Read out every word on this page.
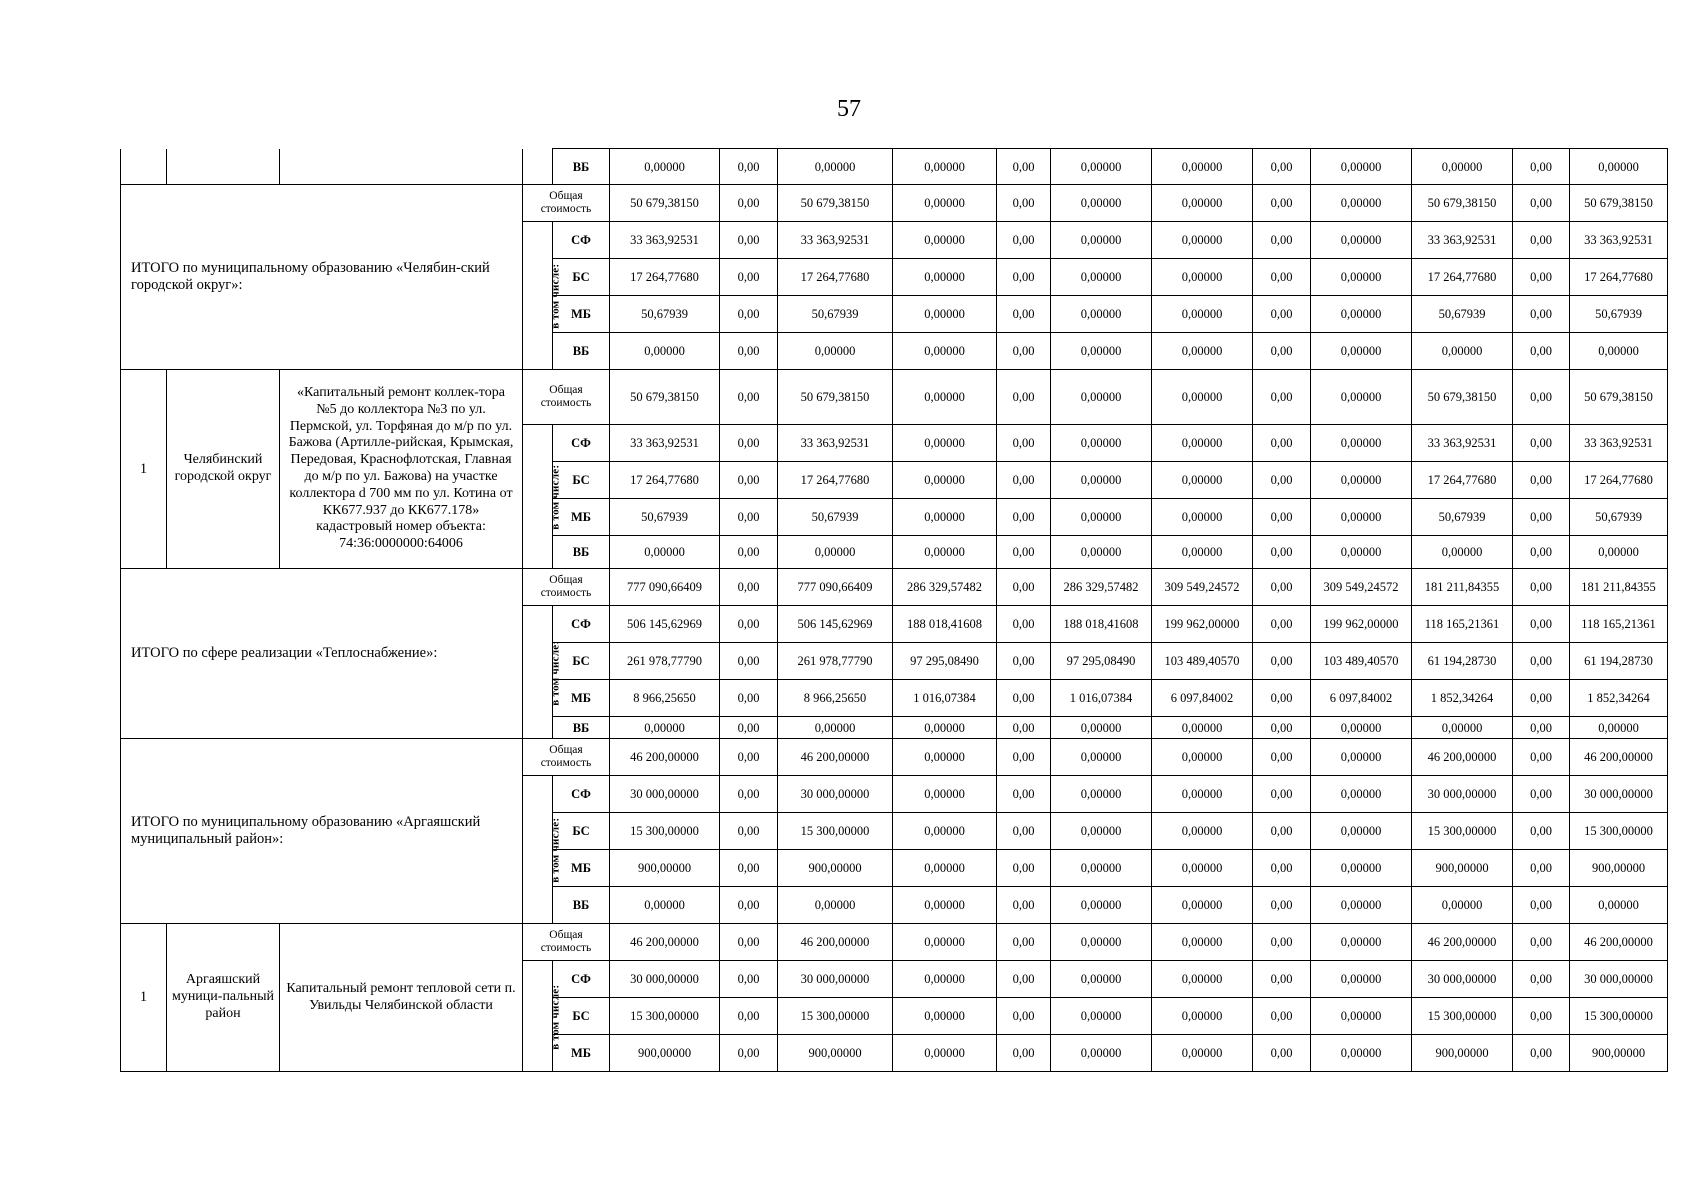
57
				ВБ	0,00000	0,00	0,00000	0,00000	0,00	0,00000	0,00000	0,00	0,00000	0,00000	0,00	0,00000
ИТОГО по муниципальному образованию «Челябин-ский городской округ»:			Общая стоимость		50 679,38150	0,00	50 679,38150	0,00000	0,00	0,00000	0,00000	0,00	0,00000	50 679,38150	0,00	50 679,38150
			в том числе:	СФ	33 363,92531	0,00	33 363,92531	0,00000	0,00	0,00000	0,00000	0,00	0,00000	33 363,92531	0,00	33 363,92531
				БС	17 264,77680	0,00	17 264,77680	0,00000	0,00	0,00000	0,00000	0,00	0,00000	17 264,77680	0,00	17 264,77680
				МБ	50,67939	0,00	50,67939	0,00000	0,00	0,00000	0,00000	0,00	0,00000	50,67939	0,00	50,67939
				ВБ	0,00000	0,00	0,00000	0,00000	0,00	0,00000	0,00000	0,00	0,00000	0,00000	0,00	0,00000
1	Челябинский городской округ	«Капитальный ремонт коллек-тора №5 до коллектора №3 по ул. Пермской, ул. Торфяная до м/р по ул. Бажова (Артилле-рийская, Крымская, Передовая, Краснофлотская, Главная до м/р по ул. Бажова) на участке коллектора d 700 мм по ул. Котина от КК677.937 до КК677.178» кадастровый номер объекта: 74:36:0000000:64006	Общая стоимость		50 679,38150	0,00	50 679,38150	0,00000	0,00	0,00000	0,00000	0,00	0,00000	50 679,38150	0,00	50 679,38150
			в том числе:	СФ	33 363,92531	0,00	33 363,92531	0,00000	0,00	0,00000	0,00000	0,00	0,00000	33 363,92531	0,00	33 363,92531
				БС	17 264,77680	0,00	17 264,77680	0,00000	0,00	0,00000	0,00000	0,00	0,00000	17 264,77680	0,00	17 264,77680
				МБ	50,67939	0,00	50,67939	0,00000	0,00	0,00000	0,00000	0,00	0,00000	50,67939	0,00	50,67939
				ВБ	0,00000	0,00	0,00000	0,00000	0,00	0,00000	0,00000	0,00	0,00000	0,00000	0,00	0,00000
ИТОГО по сфере реализации «Теплоснабжение»:			Общая стоимость		777 090,66409	0,00	777 090,66409	286 329,57482	0,00	286 329,57482	309 549,24572	0,00	309 549,24572	181 211,84355	0,00	181 211,84355
			в том числе:	СФ	506 145,62969	0,00	506 145,62969	188 018,41608	0,00	188 018,41608	199 962,00000	0,00	199 962,00000	118 165,21361	0,00	118 165,21361
				БС	261 978,77790	0,00	261 978,77790	97 295,08490	0,00	97 295,08490	103 489,40570	0,00	103 489,40570	61 194,28730	0,00	61 194,28730
				МБ	8 966,25650	0,00	8 966,25650	1 016,07384	0,00	1 016,07384	6 097,84002	0,00	6 097,84002	1 852,34264	0,00	1 852,34264
				ВБ	0,00000	0,00	0,00000	0,00000	0,00	0,00000	0,00000	0,00	0,00000	0,00000	0,00	0,00000
ИТОГО по муниципальному образованию «Аргаяшский муниципальный район»:			Общая стоимость		46 200,00000	0,00	46 200,00000	0,00000	0,00	0,00000	0,00000	0,00	0,00000	46 200,00000	0,00	46 200,00000
			в том числе:	СФ	30 000,00000	0,00	30 000,00000	0,00000	0,00	0,00000	0,00000	0,00	0,00000	30 000,00000	0,00	30 000,00000
				БС	15 300,00000	0,00	15 300,00000	0,00000	0,00	0,00000	0,00000	0,00	0,00000	15 300,00000	0,00	15 300,00000
				МБ	900,00000	0,00	900,00000	0,00000	0,00	0,00000	0,00000	0,00	0,00000	900,00000	0,00	900,00000
				ВБ	0,00000	0,00	0,00000	0,00000	0,00	0,00000	0,00000	0,00	0,00000	0,00000	0,00	0,00000
1	Аргаяшский муници-пальный район	Капитальный ремонт тепловой сети п. Увильды Челябинской области	Общая стоимость		46 200,00000	0,00	46 200,00000	0,00000	0,00	0,00000	0,00000	0,00	0,00000	46 200,00000	0,00	46 200,00000
			в том числе:	СФ	30 000,00000	0,00	30 000,00000	0,00000	0,00	0,00000	0,00000	0,00	0,00000	30 000,00000	0,00	30 000,00000
				БС	15 300,00000	0,00	15 300,00000	0,00000	0,00	0,00000	0,00000	0,00	0,00000	15 300,00000	0,00	15 300,00000
				МБ	900,00000	0,00	900,00000	0,00000	0,00	0,00000	0,00000	0,00	0,00000	900,00000	0,00	900,00000
